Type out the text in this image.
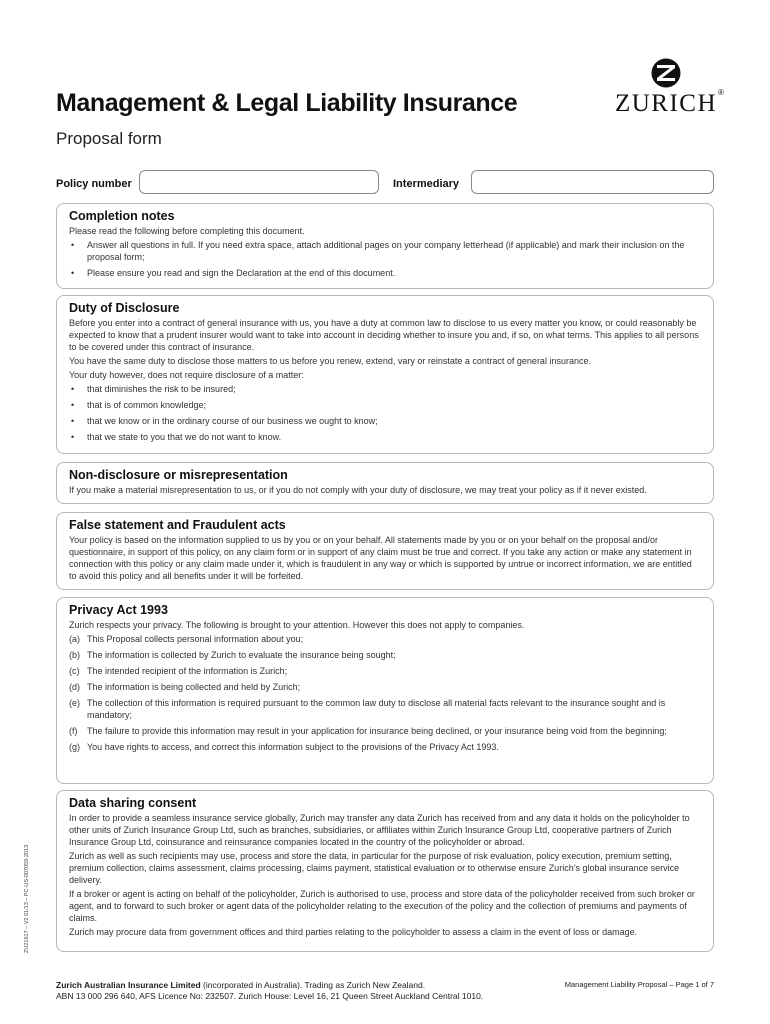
ZURICH ®
Management & Legal Liability Insurance
Proposal form
Policy number	Intermediary
Completion notes

Please read the following before completing this document.

• Answer all questions in full. If you need extra space, attach additional pages on your company letterhead (if applicable) and mark their inclusion on the proposal form;
• Please ensure you read and sign the Declaration at the end of this document.
Duty of Disclosure

Before you enter into a contract of general insurance with us, you have a duty at common law to disclose to us every matter you know, or could reasonably be expected to know that a prudent insurer would want to take into account in deciding whether to insure you and, if so, on what terms. This applies to all persons to be covered under this contract of insurance.

You have the same duty to disclose those matters to us before you renew, extend, vary or reinstate a contract of general insurance.

Your duty however, does not require disclosure of a matter:

• that diminishes the risk to be insured;
• that is of common knowledge;
• that we know or in the ordinary course of our business we ought to know;
• that we state to you that we do not want to know.
Non-disclosure or misrepresentation

If you make a material misrepresentation to us, or if you do not comply with your duty of disclosure, we may treat your policy as if it never existed.

False statement and Fraudulent acts

Your policy is based on the information supplied to us by you or on your behalf. All statements made by you or on your behalf on the proposal and/or questionnaire, in support of this policy, on any claim form or in support of any claim must be true and correct. If you take any action or make any statement in connection with this policy or any claim made under it, which is fraudulent in any way or which is supported by untrue or incorrect information, we are entitled to avoid this policy and all benefits under it will be forfeited.

Privacy Act 1993

Zurich respects your privacy. The following is brought to your attention. However this does not apply to companies.

(a) This Proposal collects personal information about you;
(b) The information is collected by Zurich to evaluate the insurance being sought;
(c) The intended recipient of the information is Zurich;
(d) The information is being collected and held by Zurich;
(e) The collection of this information is required pursuant to the common law duty to disclose all material facts relevant to the insurance sought and is mandatory;
(f) The failure to provide this information may result in your application for insurance being declined, or your insurance being void from the beginning;
(g) You have rights to access, and correct this information subject to the provisions of the Privacy Act 1993.
Data sharing consent

In order to provide a seamless insurance service globally, Zurich may transfer any data Zurich has received from and any data it holds on the policyholder to other units of Zurich Insurance Group Ltd, such as branches, subsidiaries, or affiliates within Zurich Insurance Group Ltd, cooperative partners of Zurich Insurance Group Ltd, coinsurance and reinsurance companies located in the country of the policyholder or abroad.

Zurich as well as such recipients may use, process and store the data, in particular for the purpose of risk evaluation, policy execution, premium setting, premium collection, claims assessment, claims processing, claims payment, statistical evaluation or to otherwise ensure Zurich’s global insurance service delivery.

If a broker or agent is acting on behalf of the policyholder, Zurich is authorised to use, process and store data of the policyholder received from such broker or agent, and to forward to such broker or agent data of the policyholder relating to the execution of the policy and the collection of premiums and payments of claims.

Zurich may procure data from government offices and third parties relating to the policyholder to assess a claim in the event of loss or damage.

ZU21617 – V2 01/13 – PC-US-007059-2013
Zurich Australian Insurance Limited (incorporated in Australia). Trading as Zurich New Zealand.
ABN 13 000 296 640, AFS Licence No: 232507. Zurich House: Level 16, 21 Queen Street Auckland Central 1010.
Management Liability Proposal – Page 1 of 7
